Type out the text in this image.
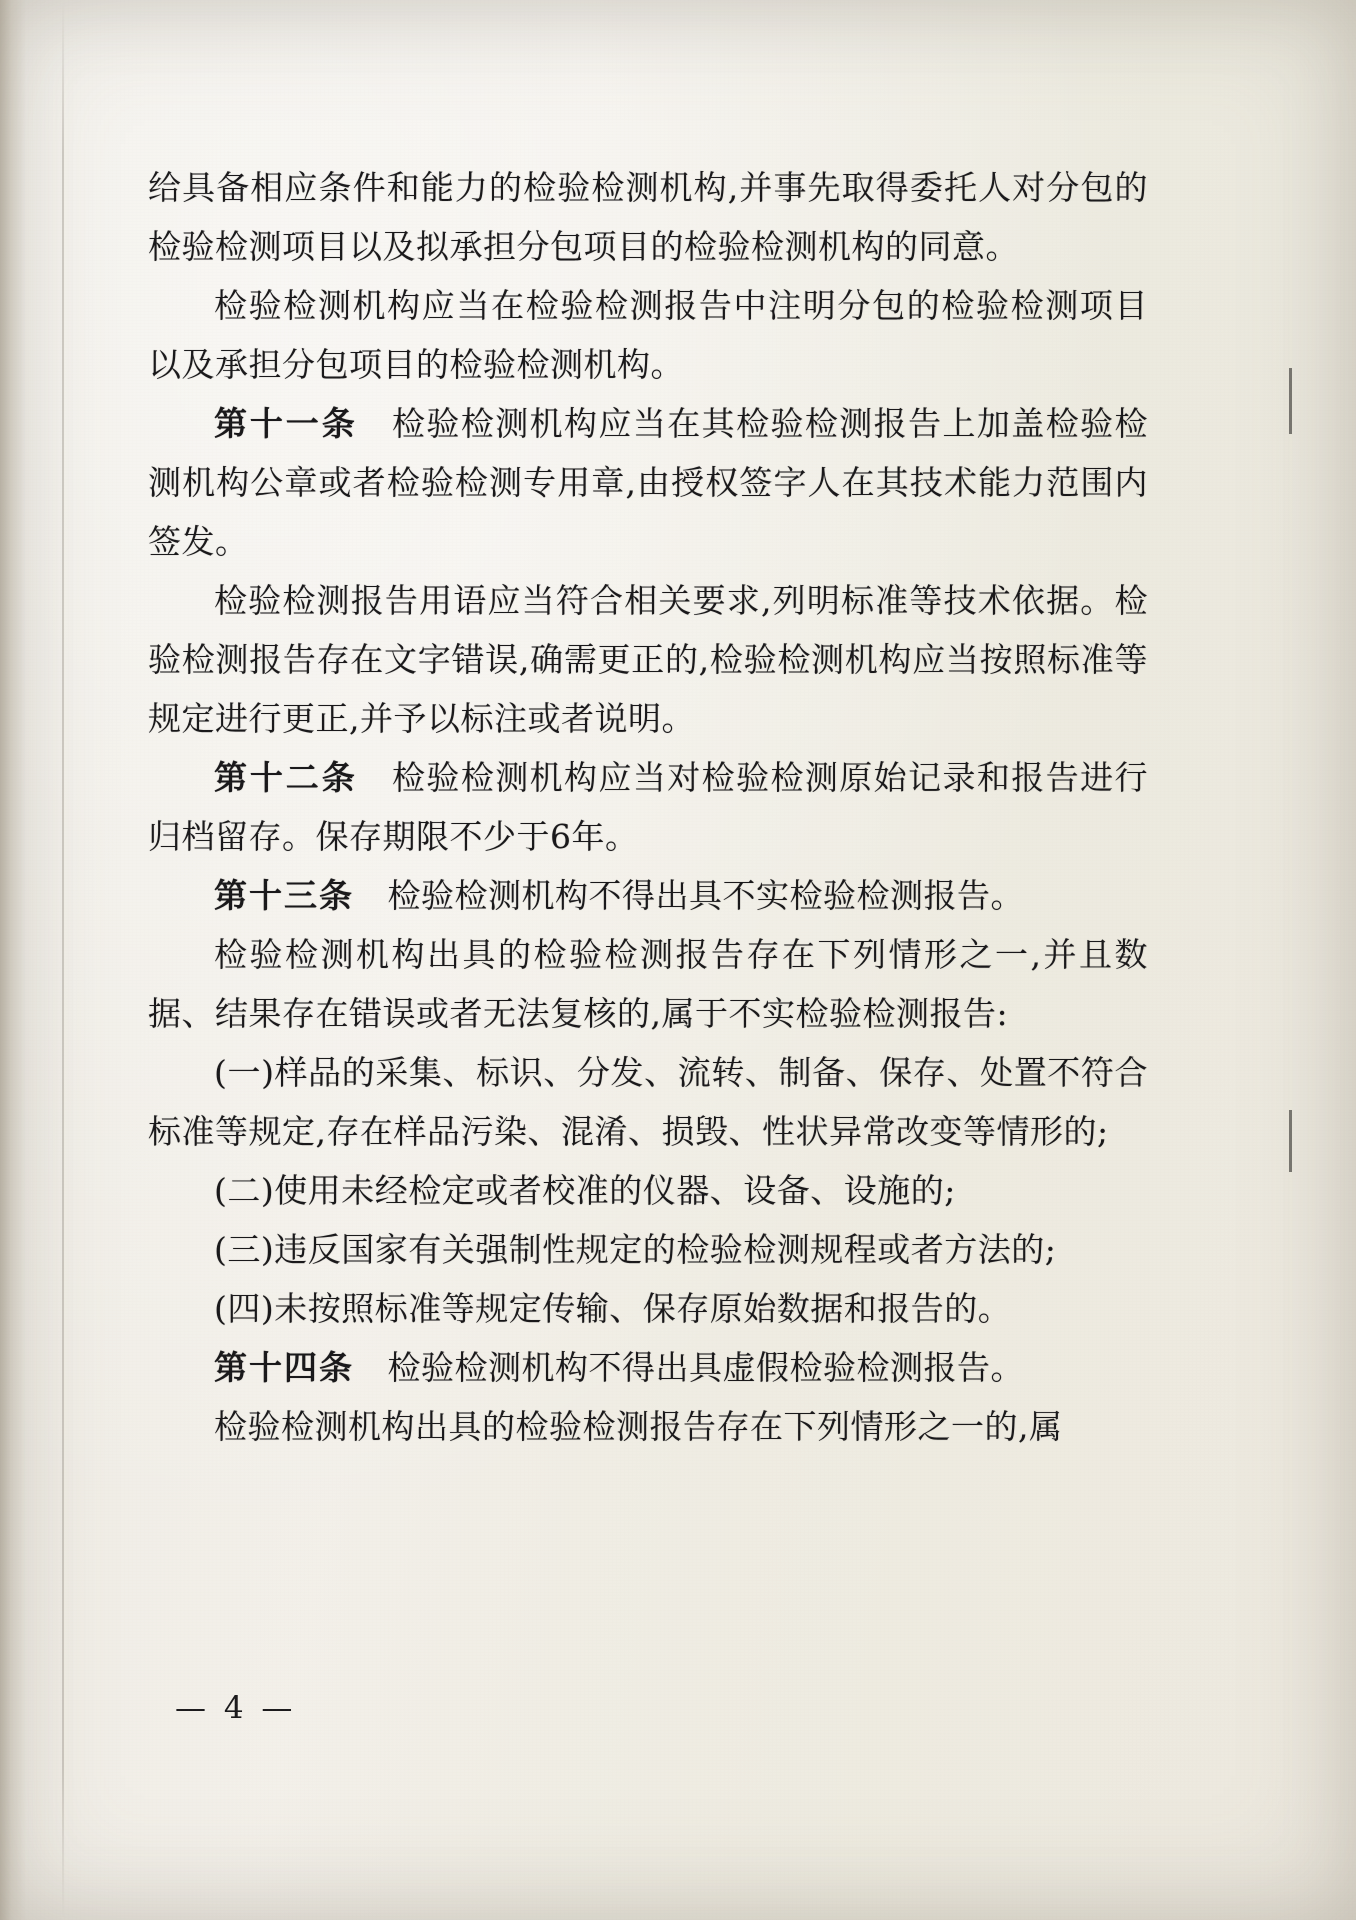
给具备相应条件和能力的检验检测机构,并事先取得委托人对分包的检验检测项目以及拟承担分包项目的检验检测机构的同意。

检验检测机构应当在检验检测报告中注明分包的检验检测项目以及承担分包项目的检验检测机构。

第十一条　检验检测机构应当在其检验检测报告上加盖检验检测机构公章或者检验检测专用章,由授权签字人在其技术能力范围内签发。

检验检测报告用语应当符合相关要求,列明标准等技术依据。检验检测报告存在文字错误,确需更正的,检验检测机构应当按照标准等规定进行更正,并予以标注或者说明。

第十二条　检验检测机构应当对检验检测原始记录和报告进行归档留存。保存期限不少于6年。

第十三条　检验检测机构不得出具不实检验检测报告。

检验检测机构出具的检验检测报告存在下列情形之一,并且数据、结果存在错误或者无法复核的,属于不实检验检测报告:

(一)样品的采集、标识、分发、流转、制备、保存、处置不符合标准等规定,存在样品污染、混淆、损毁、性状异常改变等情形的;

(二)使用未经检定或者校准的仪器、设备、设施的;

(三)违反国家有关强制性规定的检验检测规程或者方法的;

(四)未按照标准等规定传输、保存原始数据和报告的。

第十四条　检验检测机构不得出具虚假检验检测报告。

检验检测机构出具的检验检测报告存在下列情形之一的,属

— 4 —
